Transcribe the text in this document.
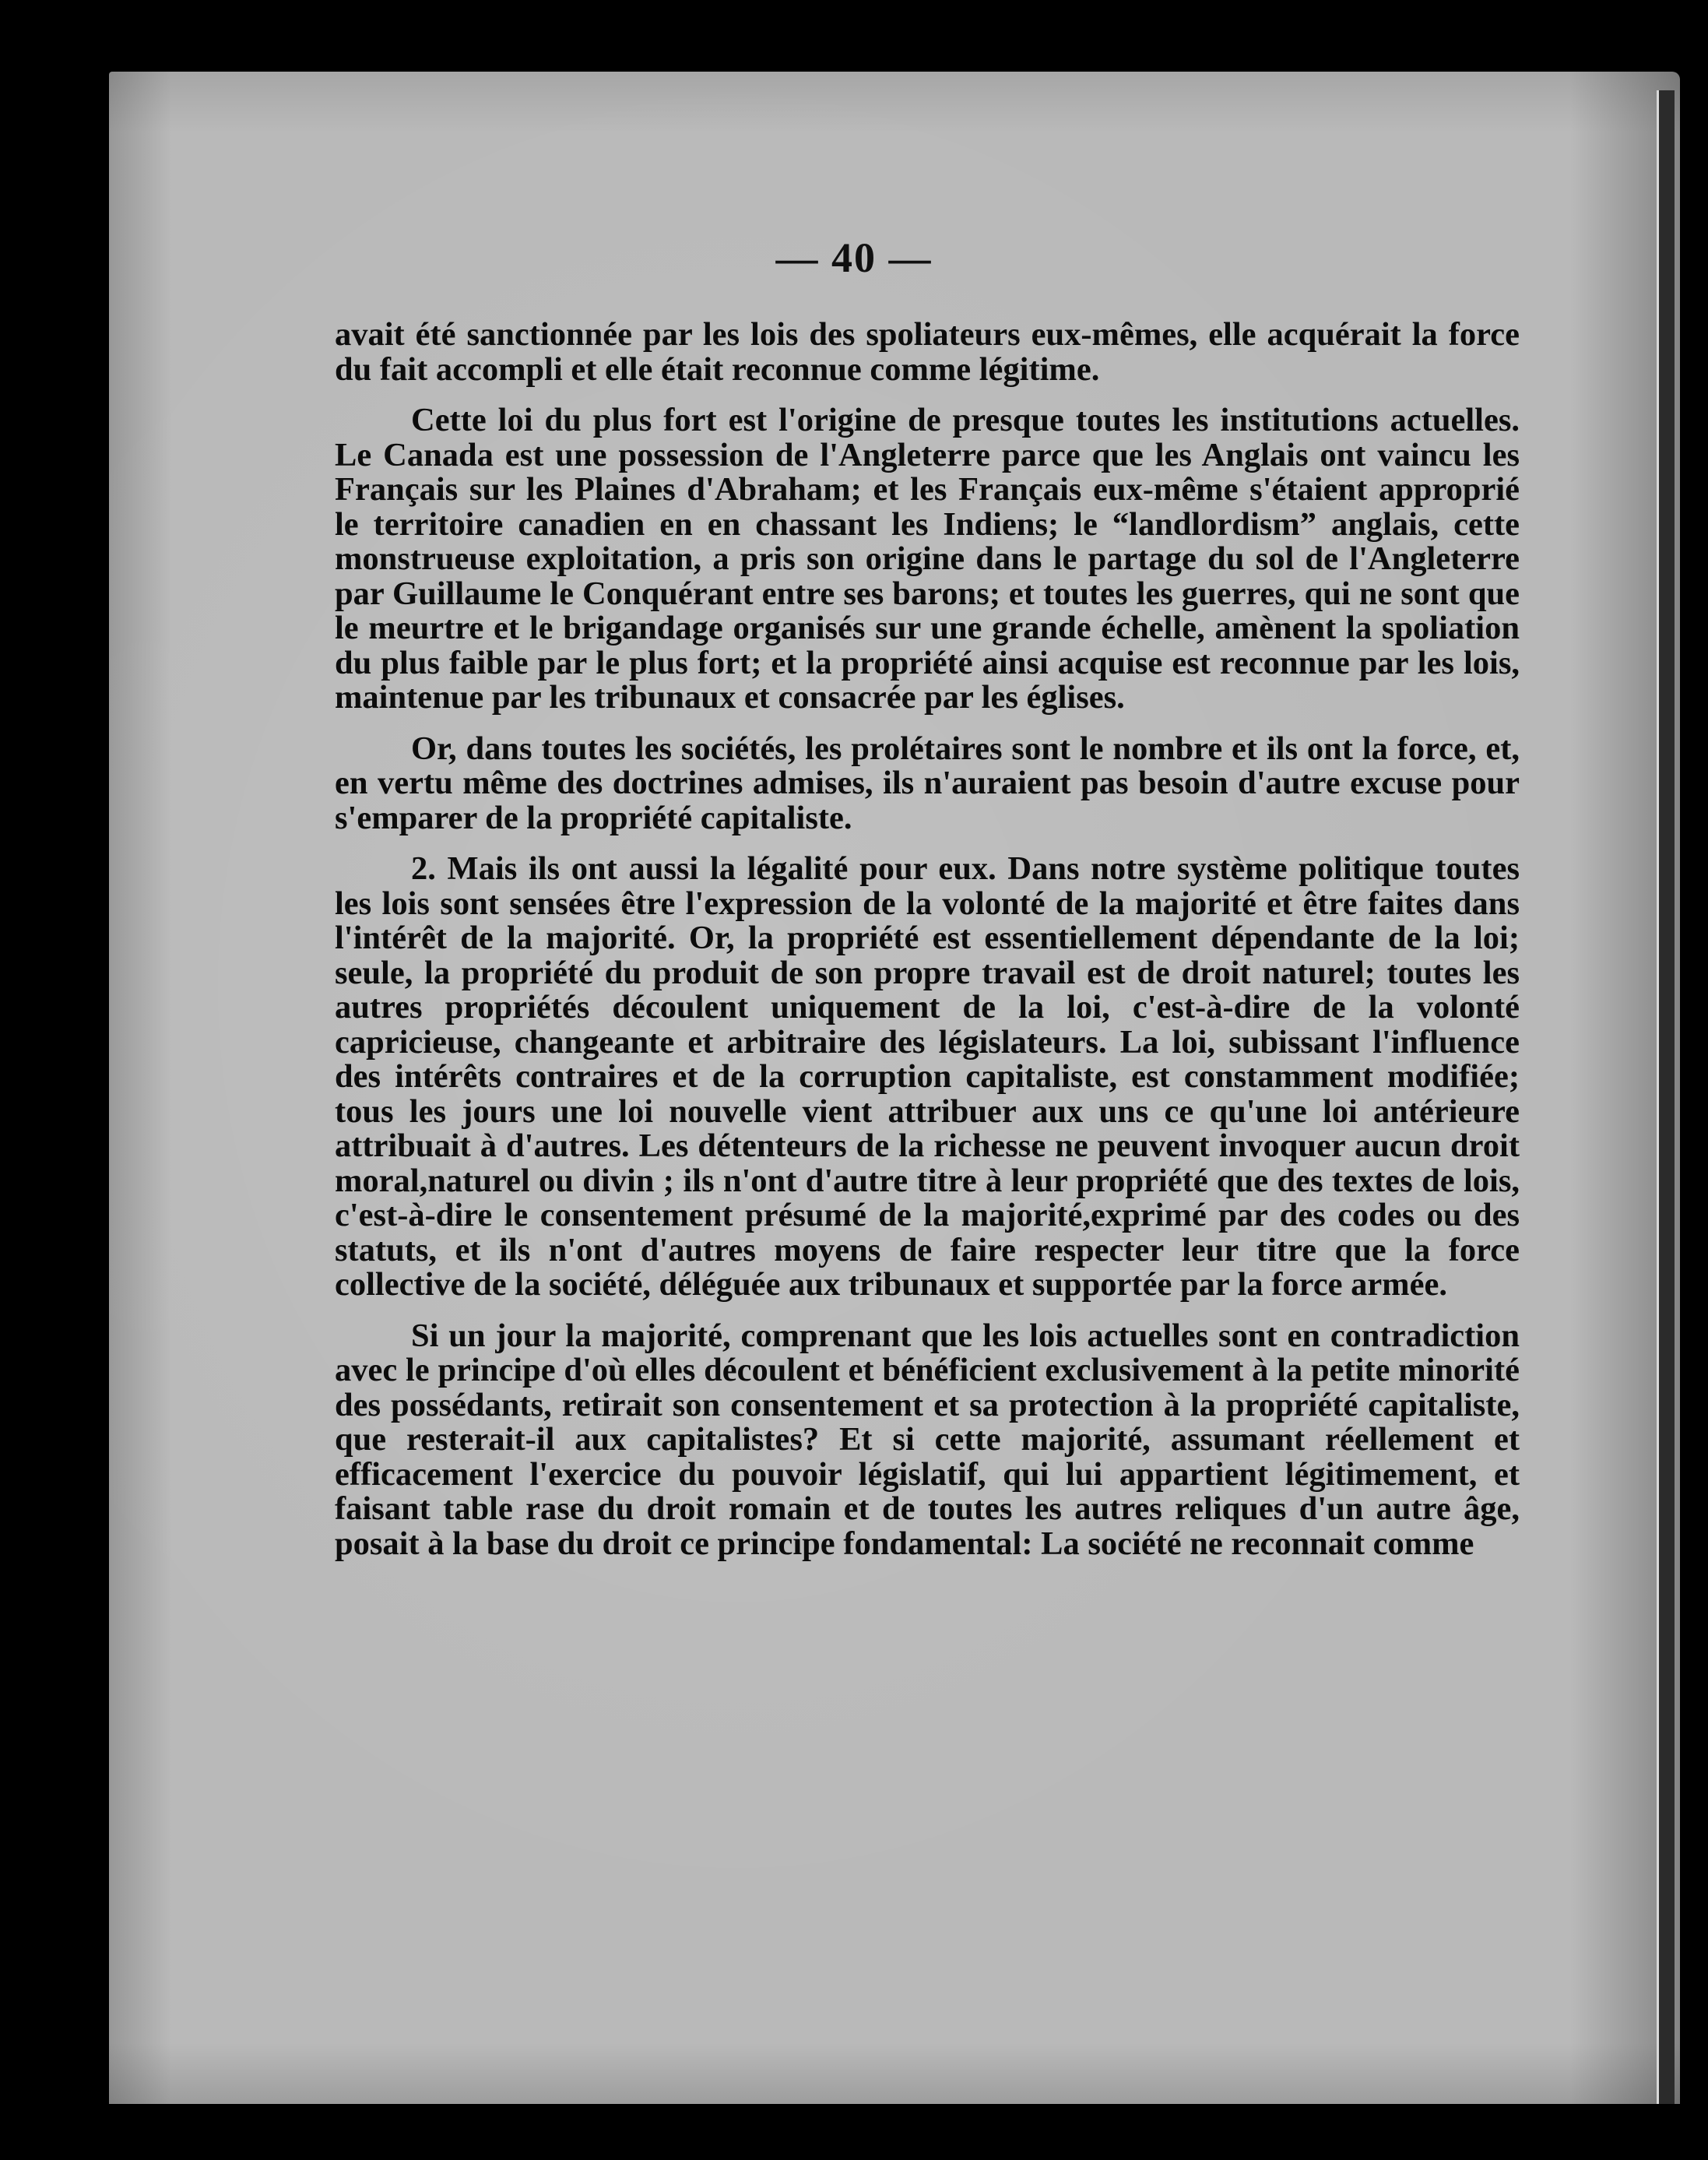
— 40 —

avait été sanctionnée par les lois des spoliateurs eux-mêmes, elle acquérait la force du fait accompli et elle était reconnue comme légitime.

Cette loi du plus fort est l'origine de presque toutes les institutions actuelles. Le Canada est une possession de l'Angleterre parce que les Anglais ont vaincu les Français sur les Plaines d'Abraham; et les Français eux-même s'étaient approprié le territoire canadien en en chassant les Indiens; le “landlordism” anglais, cette monstrueuse exploitation, a pris son origine dans le partage du sol de l'Angleterre par Guillaume le Conquérant entre ses barons; et toutes les guerres, qui ne sont que le meurtre et le brigandage organisés sur une grande échelle, amènent la spoliation du plus faible par le plus fort; et la propriété ainsi acquise est reconnue par les lois, maintenue par les tribunaux et consacrée par les églises.

Or, dans toutes les sociétés, les prolétaires sont le nombre et ils ont la force, et, en vertu même des doctrines admises, ils n'auraient pas besoin d'autre excuse pour s'emparer de la propriété capitaliste.

2. Mais ils ont aussi la légalité pour eux. Dans notre système politique toutes les lois sont sensées être l'expression de la volonté de la majorité et être faites dans l'intérêt de la majorité. Or, la propriété est essentiellement dépendante de la loi; seule, la propriété du produit de son propre travail est de droit naturel; toutes les autres propriétés découlent uniquement de la loi, c'est-à-dire de la volonté capricieuse, changeante et arbitraire des législateurs. La loi, subissant l'influence des intérêts contraires et de la corruption capitaliste, est constamment modifiée; tous les jours une loi nouvelle vient attribuer aux uns ce qu'une loi antérieure attribuait à d'autres. Les détenteurs de la richesse ne peuvent invoquer aucun droit moral,naturel ou divin ; ils n'ont d'autre titre à leur propriété que des textes de lois, c'est-à-dire le consentement présumé de la majorité,exprimé par des codes ou des statuts, et ils n'ont d'autres moyens de faire respecter leur titre que la force collective de la société, déléguée aux tribunaux et supportée par la force armée.

Si un jour la majorité, comprenant que les lois actuelles sont en contradiction avec le principe d'où elles découlent et bénéficient exclusivement à la petite minorité des possédants, retirait son consentement et sa protection à la propriété capitaliste, que resterait-il aux capitalistes? Et si cette majorité, assumant réellement et efficacement l'exercice du pouvoir législatif, qui lui appartient légitimement, et faisant table rase du droit romain et de toutes les autres reliques d'un autre âge, posait à la base du droit ce principe fondamental: La société ne reconnait comme
